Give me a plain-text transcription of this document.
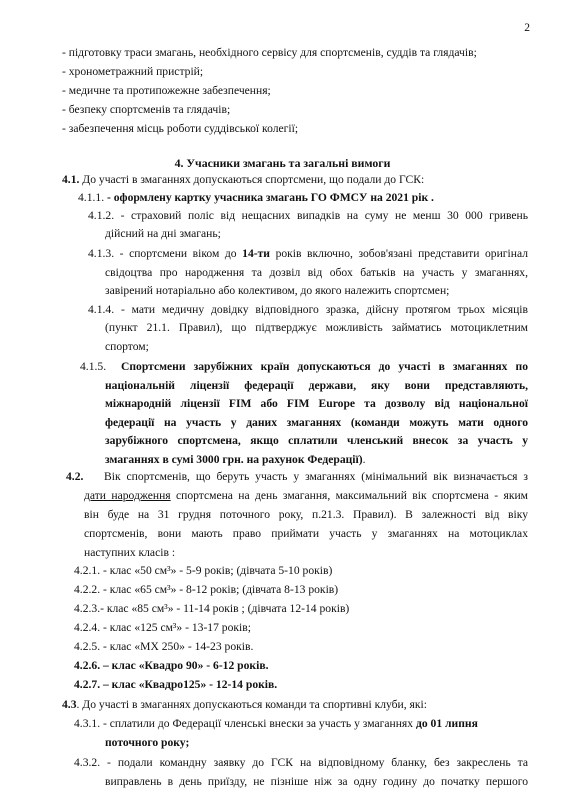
2
- підготовку траси змагань, необхідного сервісу для спортсменів, суддів та глядачів;
- хронометражний пристрій;
- медичне та протипожежне забезпечення;
- безпеку спортсменів та глядачів;
- забезпечення місць роботи суддівської колегії;
4. Учасники змагань та загальні вимоги
4.1. До участі в змаганнях допускаються спортсмени, що подали до ГСК:
4.1.1. - оформлену картку учасника змагань ГО ФМСУ на 2021 рік .
4.1.2. - страховий поліс від нещасних випадків на суму не менш 30 000 гривень
дійсний на дні змагань;
4.1.3. - спортсмени віком до 14-ти років включно, зобов'язані представити оригінал
свідоцтва про народження та дозвіл від обох батьків на участь у змаганнях,
завірений нотаріально або колективом, до якого належить спортсмен;
4.1.4. - мати медичну довідку відповідного зразка, дійсну протягом трьох місяців
(пункт 21.1. Правил), що підтверджує можливість займатись мотоциклетним
спортом;
4.1.5. Спортсмени зарубіжних країн допускаються до участі в змаганнях по
національній ліцензії федерації держави, яку вони представляють,
міжнародній ліцензії FIM або FIM Europe та дозволу від національної
федерації на участь у даних змаганнях (команди можуть мати одного
зарубіжного спортсмена, якщо сплатили членський внесок за участь у
змаганнях в сумі 3000 грн. на рахунок Федерації).
4.2. Вік спортсменів, що беруть участь у змаганнях (мінімальний вік визначається з
дати народження спортсмена на день змагання, максимальний вік спортсмена - яким
він буде на 31 грудня поточного року, п.21.3. Правил). В залежності від віку
спортсменів, вони мають право приймати участь у змаганнях на мотоциклах
наступних класів :
4.2.1. - клас «50 см³» - 5-9 років; (дівчата 5-10 років)
4.2.2. - клас «65 см³» - 8-12 років; (дівчата 8-13 років)
4.2.3.- клас «85 см³» - 11-14 років ; (дівчата 12-14 років)
4.2.4. - клас «125 см³» - 13-17 років;
4.2.5. - клас «MX 250» - 14-23 років.
4.2.6. – клас «Квадро 90» - 6-12 років.
4.2.7. – клас «Квадро125» - 12-14 років.
4.3. До участі в змаганнях допускаються команди та спортивні клуби, які:
4.3.1. - сплатили до Федерації членські внески за участь у змаганнях до 01 липня
поточного року;
4.3.2. - подали командну заявку до ГСК на відповідному бланку, без закреслень та
виправлень в день приїзду, не пізніше ніж за одну годину до початку першого
